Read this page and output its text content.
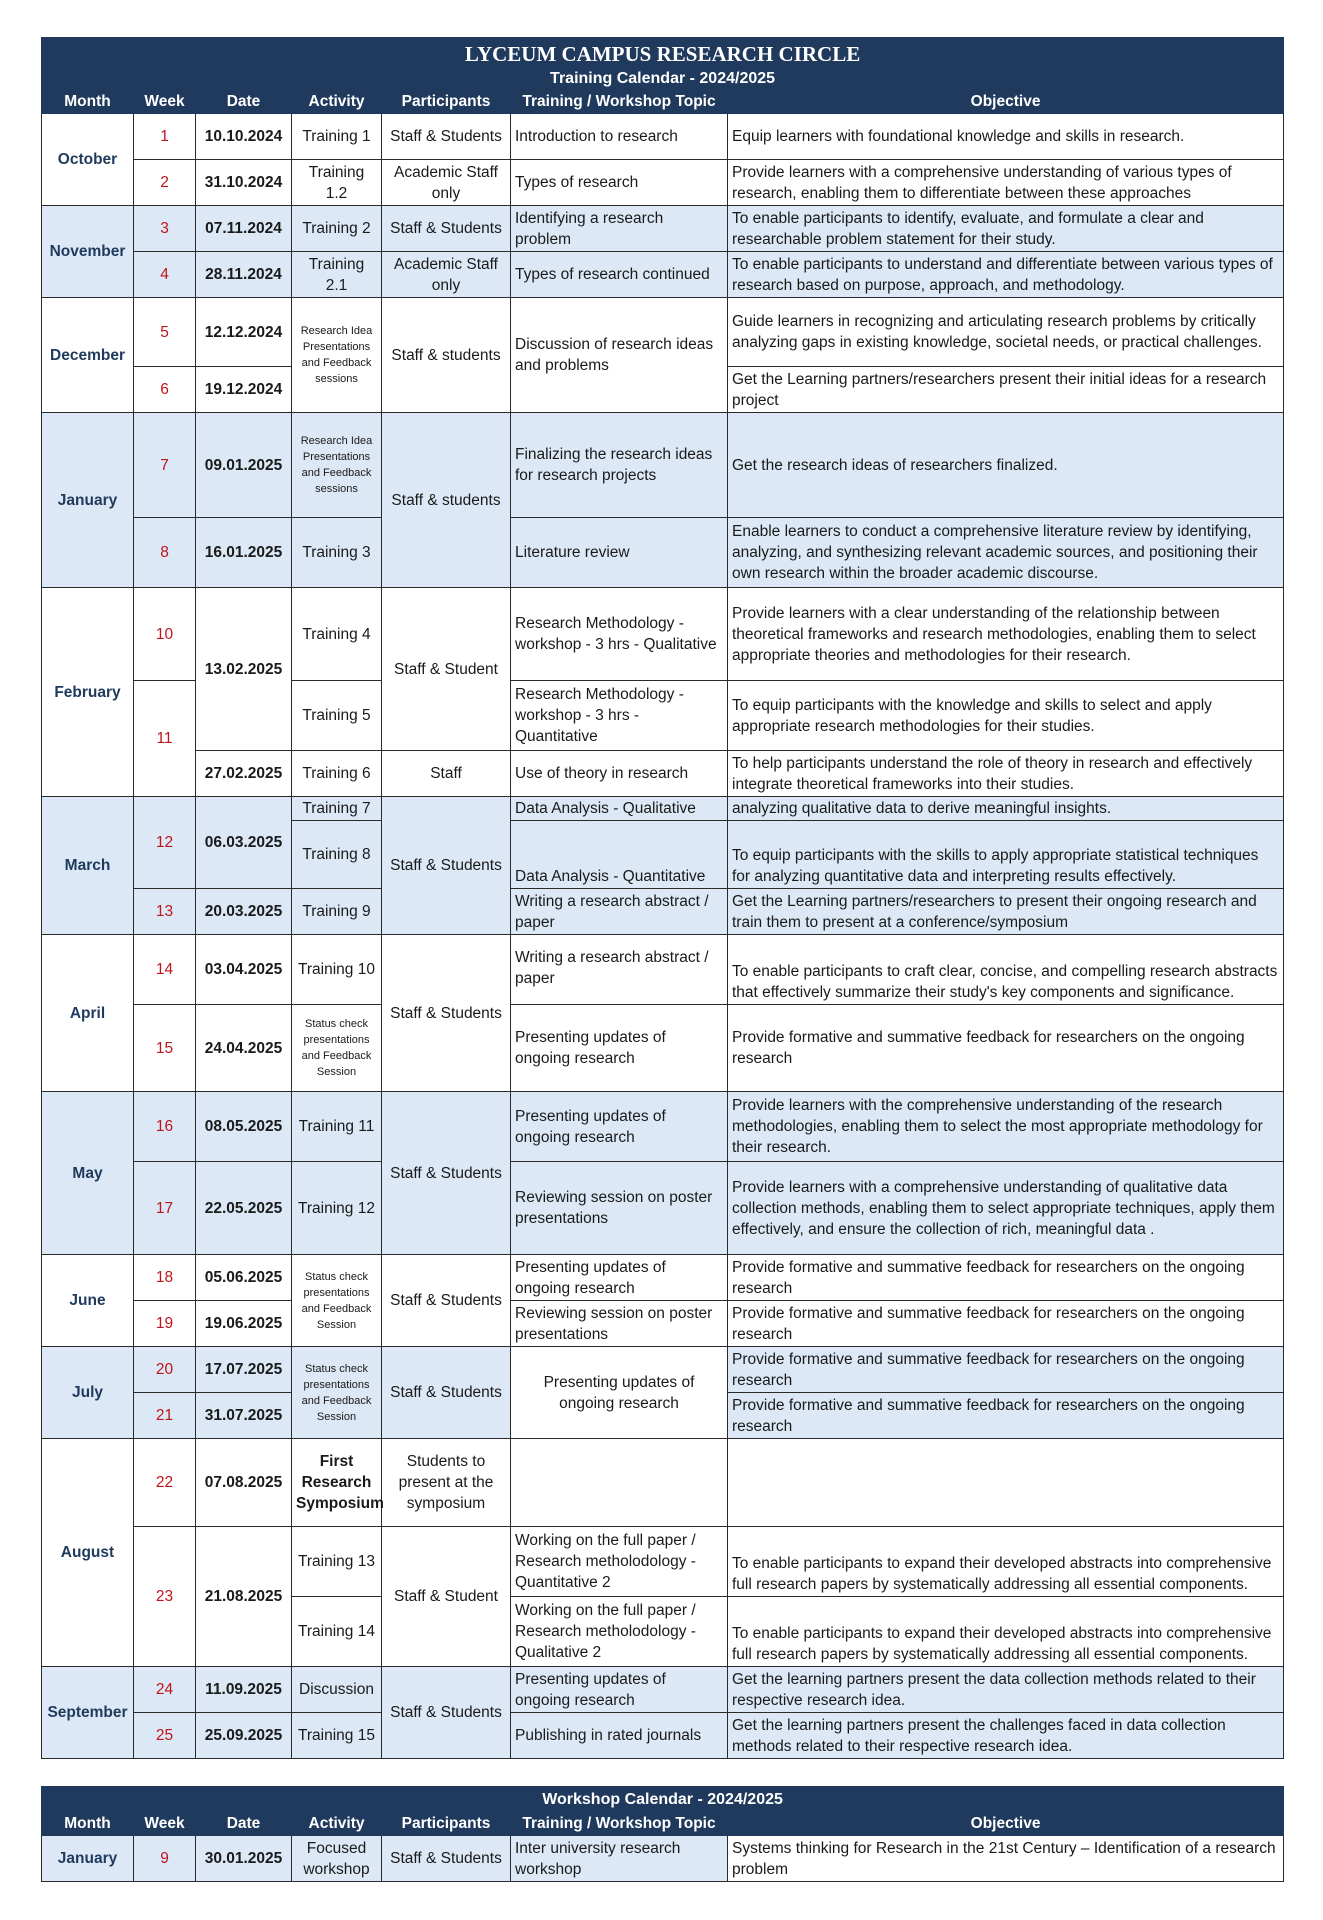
LYCEUM CAMPUS RESEARCH CIRCLE						
Training Calendar - 2024/2025						
Month	Week	Date	Activity	Participants	Training / Workshop Topic	Objective
October	1	10.10.2024	Training 1	Staff & Students	Introduction to research	Equip learners with foundational knowledge and skills in research.
	2	31.10.2024	Training 1.2	Academic Staff only	Types of research	Provide learners with a comprehensive understanding of various types of research, enabling them to differentiate between these approaches
November	3	07.11.2024	Training 2	Staff & Students	Identifying a research problem	To enable participants to identify, evaluate, and formulate a clear and researchable problem statement for their study.
	4	28.11.2024	Training 2.1	Academic Staff only	Types of research continued	To enable participants to understand and differentiate between various types of research based on purpose, approach, and methodology.
December	5	12.12.2024	Research Idea Presentations and Feedback sessions	Staff & students	Discussion of research ideas and problems	Guide learners in recognizing and articulating research problems by critically analyzing gaps in existing knowledge, societal needs, or practical challenges.
	6	19.12.2024				Get the Learning partners/researchers present their initial ideas for a research project
January	7	09.01.2025	Research Idea Presentations and Feedback sessions	Staff & students	Finalizing the research ideas for research projects	Get the research ideas of researchers finalized.
	8	16.01.2025	Training 3		Literature review	Enable learners to conduct a comprehensive literature review by identifying, analyzing, and synthesizing relevant academic sources, and positioning their own research within the broader academic discourse.
February	10	13.02.2025	Training 4	Staff & Student	Research Methodology - workshop - 3 hrs - Qualitative	Provide learners with a clear understanding of the relationship between theoretical frameworks and research methodologies, enabling them to select appropriate theories and methodologies for their research.
	11		Training 5		Research Methodology - workshop - 3 hrs - Quantitative	To equip participants with the knowledge and skills to select and apply appropriate research methodologies for their studies.
		27.02.2025	Training 6	Staff	Use of theory in research	To help participants understand the role of theory in research and effectively integrate theoretical frameworks into their studies.
March	12	06.03.2025	Training 7	Staff & Students	Data Analysis - Qualitative	analyzing qualitative data to derive meaningful insights.
			Training 8		Data Analysis - Quantitative	To equip participants with the skills to apply appropriate statistical techniques for analyzing quantitative data and interpreting results effectively.
	13	20.03.2025	Training 9		Writing a research abstract / paper	Get the Learning partners/researchers to present their ongoing research and train them to present at a conference/symposium
April	14	03.04.2025	Training 10	Staff & Students	Writing a research abstract / paper	To enable participants to craft clear, concise, and compelling research abstracts that effectively summarize their study's key components and significance.
	15	24.04.2025	Status check presentations and Feedback Session		Presenting updates of ongoing research	Provide formative and summative feedback for researchers on the ongoing research
May	16	08.05.2025	Training 11	Staff & Students	Presenting updates of ongoing research	Provide learners with the comprehensive understanding of the research methodologies, enabling them to select the most appropriate methodology for their research.
	17	22.05.2025	Training 12		Reviewing session on poster presentations	Provide learners with a comprehensive understanding of qualitative data collection methods, enabling them to select appropriate techniques, apply them effectively, and ensure the collection of rich, meaningful data .
June	18	05.06.2025	Status check presentations and Feedback Session	Staff & Students	Presenting updates of ongoing research	Provide formative and summative feedback for researchers on the ongoing research
	19	19.06.2025			Reviewing session on poster presentations	Provide formative and summative feedback for researchers on the ongoing research
July	20	17.07.2025	Status check presentations and Feedback Session	Staff & Students	Presenting updates of ongoing research	Provide formative and summative feedback for researchers on the ongoing research
	21	31.07.2025				Provide formative and summative feedback for researchers on the ongoing research
August	22	07.08.2025	First Research Symposium	Students to present at the symposium		
	23	21.08.2025	Training 13	Staff & Student	Working on the full paper / Research metholodology - Quantitative 2	To enable participants to expand their developed abstracts into comprehensive full research papers by systematically addressing all essential components.
			Training 14		Working on the full paper / Research metholodology - Qualitative 2	To enable participants to expand their developed abstracts into comprehensive full research papers by systematically addressing all essential components.
September	24	11.09.2025	Discussion	Staff & Students	Presenting updates of ongoing research	Get the learning partners present the data collection methods related to their respective research idea.
	25	25.09.2025	Training 15		Publishing in rated journals	Get the learning partners present the challenges faced in data collection methods related to their respective research idea.
Workshop Calendar - 2024/2025						
Month	Week	Date	Activity	Participants	Training / Workshop Topic	Objective
January	9	30.01.2025	Focused workshop	Staff & Students	Inter university research workshop	Systems thinking for Research in the 21st Century – Identification of a research problem
